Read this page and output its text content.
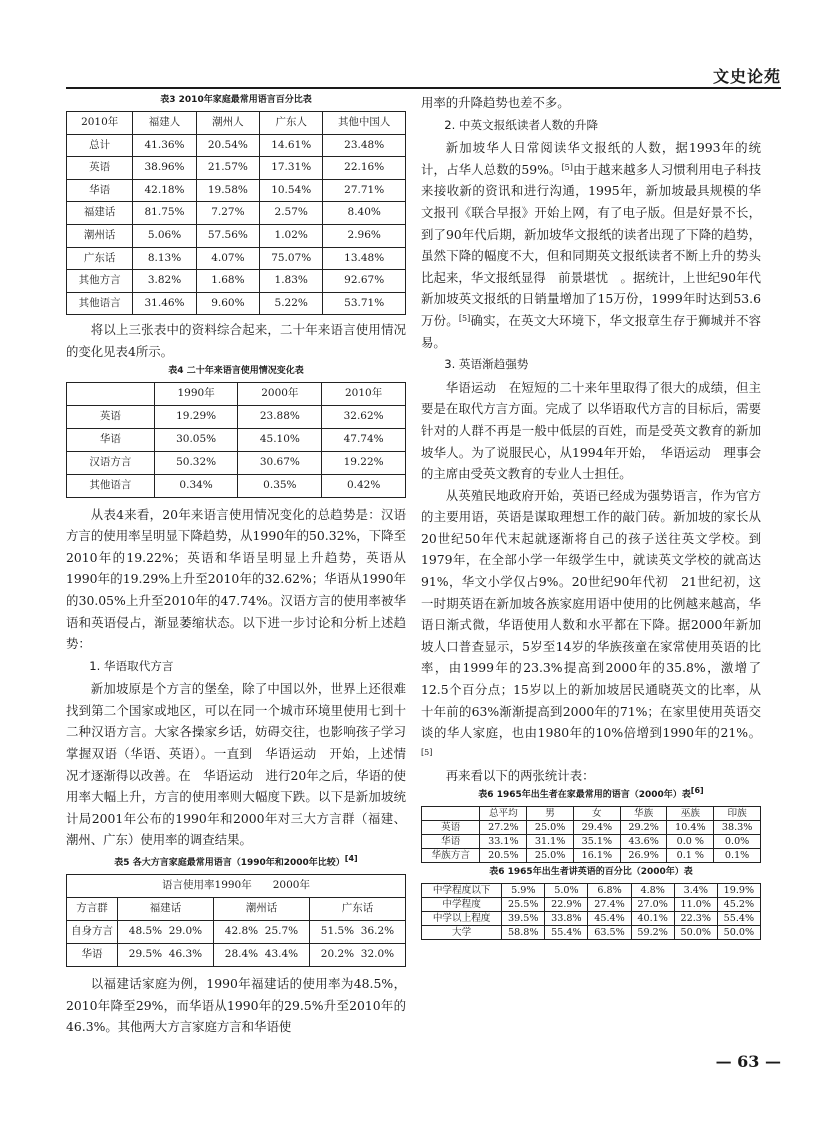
文史论苑
表3 2010年家庭最常用语言百分比表
2010年	福建人	潮州人	广东人	其他中国人
总计	41.36%	20.54%	14.61%	23.48%
英语	38.96%	21.57%	17.31%	22.16%
华语	42.18%	19.58%	10.54%	27.71%
福建话	81.75%	7.27%	2.57%	8.40%
潮州话	5.06%	57.56%	1.02%	2.96%
广东话	8.13%	4.07%	75.07%	13.48%
其他方言	3.82%	1.68%	1.83%	92.67%
其他语言	31.46%	9.60%	5.22%	53.71%

将以上三张表中的资料综合起来，二十年来语言使用情况的变化见表4所示。

表4 二十年来语言使用情况变化表
	1990年	2000年	2010年
英语	19.29%	23.88%	32.62%
华语	30.05%	45.10%	47.74%
汉语方言	50.32%	30.67%	19.22%
其他语言	0.34%	0.35%	0.42%

从表4来看，20年来语言使用情况变化的总趋势是：汉语方言的使用率呈明显下降趋势，从1990年的50.32%，下降至2010年的19.22%；英语和华语呈明显上升趋势，英语从1990年的19.29%上升至2010年的32.62%；华语从1990年的30.05%上升至2010年的47.74%。汉语方言的使用率被华语和英语侵占，渐显萎缩状态。以下进一步讨论和分析上述趋势：

1. 华语取代方言

新加坡原是个方言的堡垒，除了中国以外，世界上还很难找到第二个国家或地区，可以在同一个城市环境里使用七到十二种汉语方言。大家各操家乡话，妨碍交往，也影响孩子学习掌握双语（华语、英语）。一直到　华语运动　开始，上述情况才逐渐得以改善。在　华语运动　进行20年之后，华语的使用率大幅上升，方言的使用率则大幅度下跌。以下是新加坡统计局2001年公布的1990年和2000年对三大方言群（福建、潮州、广东）使用率的调查结果。

表5 各大方言家庭最常用语言（1990年和2000年比较）[4]
语言使用率1990年　　2000年			
方言群	福建话	潮州话	广东话
自身方言	48.5% 29.0%	42.8% 25.7%	51.5% 36.2%
华语	29.5% 46.3%	28.4% 43.4%	20.2% 32.0%

以福建话家庭为例，1990年福建话的使用率为48.5%，2010年降至29%，而华语从1990年的29.5%升至2010年的46.3%。其他两大方言家庭方言和华语使

用率的升降趋势也差不多。

2. 中英文报纸读者人数的升降

新加坡华人日常阅读华文报纸的人数，据1993年的统计，占华人总数的59%。[5]由于越来越多人习惯利用电子科技来接收新的资讯和进行沟通，1995年，新加坡最具规模的华文报刊《联合早报》开始上网，有了电子版。但是好景不长，到了90年代后期，新加坡华文报纸的读者出现了下降的趋势，虽然下降的幅度不大，但和同期英文报纸读者不断上升的势头比起来，华文报纸显得　前景堪忧　。据统计，上世纪90年代新加坡英文报纸的日销量增加了15万份，1999年时达到53.6万份。[5]确实，在英文大环境下，华文报章生存于狮城并不容易。

3. 英语渐趋强势

华语运动　在短短的二十来年里取得了很大的成绩，但主要是在取代方言方面。完成了 以华语取代方言的目标后，需要针对的人群不再是一般中低层的百姓，而是受英文教育的新加坡华人。为了说服民心，从1994年开始，　华语运动　理事会的主席由受英文教育的专业人士担任。

从英殖民地政府开始，英语已经成为强势语言，作为官方的主要用语，英语是谋取理想工作的敲门砖。新加坡的家长从20世纪50年代末起就逐渐将自己的孩子送往英文学校。到1979年，在全部小学一年级学生中，就读英文学校的就高达91%，华文小学仅占9%。20世纪90年代初　21世纪初，这一时期英语在新加坡各族家庭用语中使用的比例越来越高，华语日渐式微，华语使用人数和水平都在下降。据2000年新加坡人口普查显示，5岁至14岁的华族孩童在家常使用英语的比率，由1999年的23.3%提高到2000年的35.8%，激增了12.5个百分点；15岁以上的新加坡居民通晓英文的比率，从十年前的63%渐渐提高到2000年的71%；在家里使用英语交谈的华人家庭，也由1980年的10%倍增到1990年的21%。[5]

再来看以下的两张统计表：

表6 1965年出生者在家最常用的语言（2000年）表[6]
	总平均	男	女	华族	巫族	印族
英语	27.2%	25.0%	29.4%	29.2%	10.4%	38.3%
华语	33.1%	31.1%	35.1%	43.6%	0.0 %	0.0%
华族方言	20.5%	25.0%	16.1%	26.9%	0.1 %	0.1%
表6 1965年出生者讲英语的百分比（2000年）表
中学程度以下	5.9%	5.0%	6.8%	4.8%	3.4%	19.9%
中学程度	25.5%	22.9%	27.4%	27.0%	11.0%	45.2%
中学以上程度	39.5%	33.8%	45.4%	40.1%	22.3%	55.4%
大学	58.8%	55.4%	63.5%	59.2%	50.0%	50.0%
— 63 —
